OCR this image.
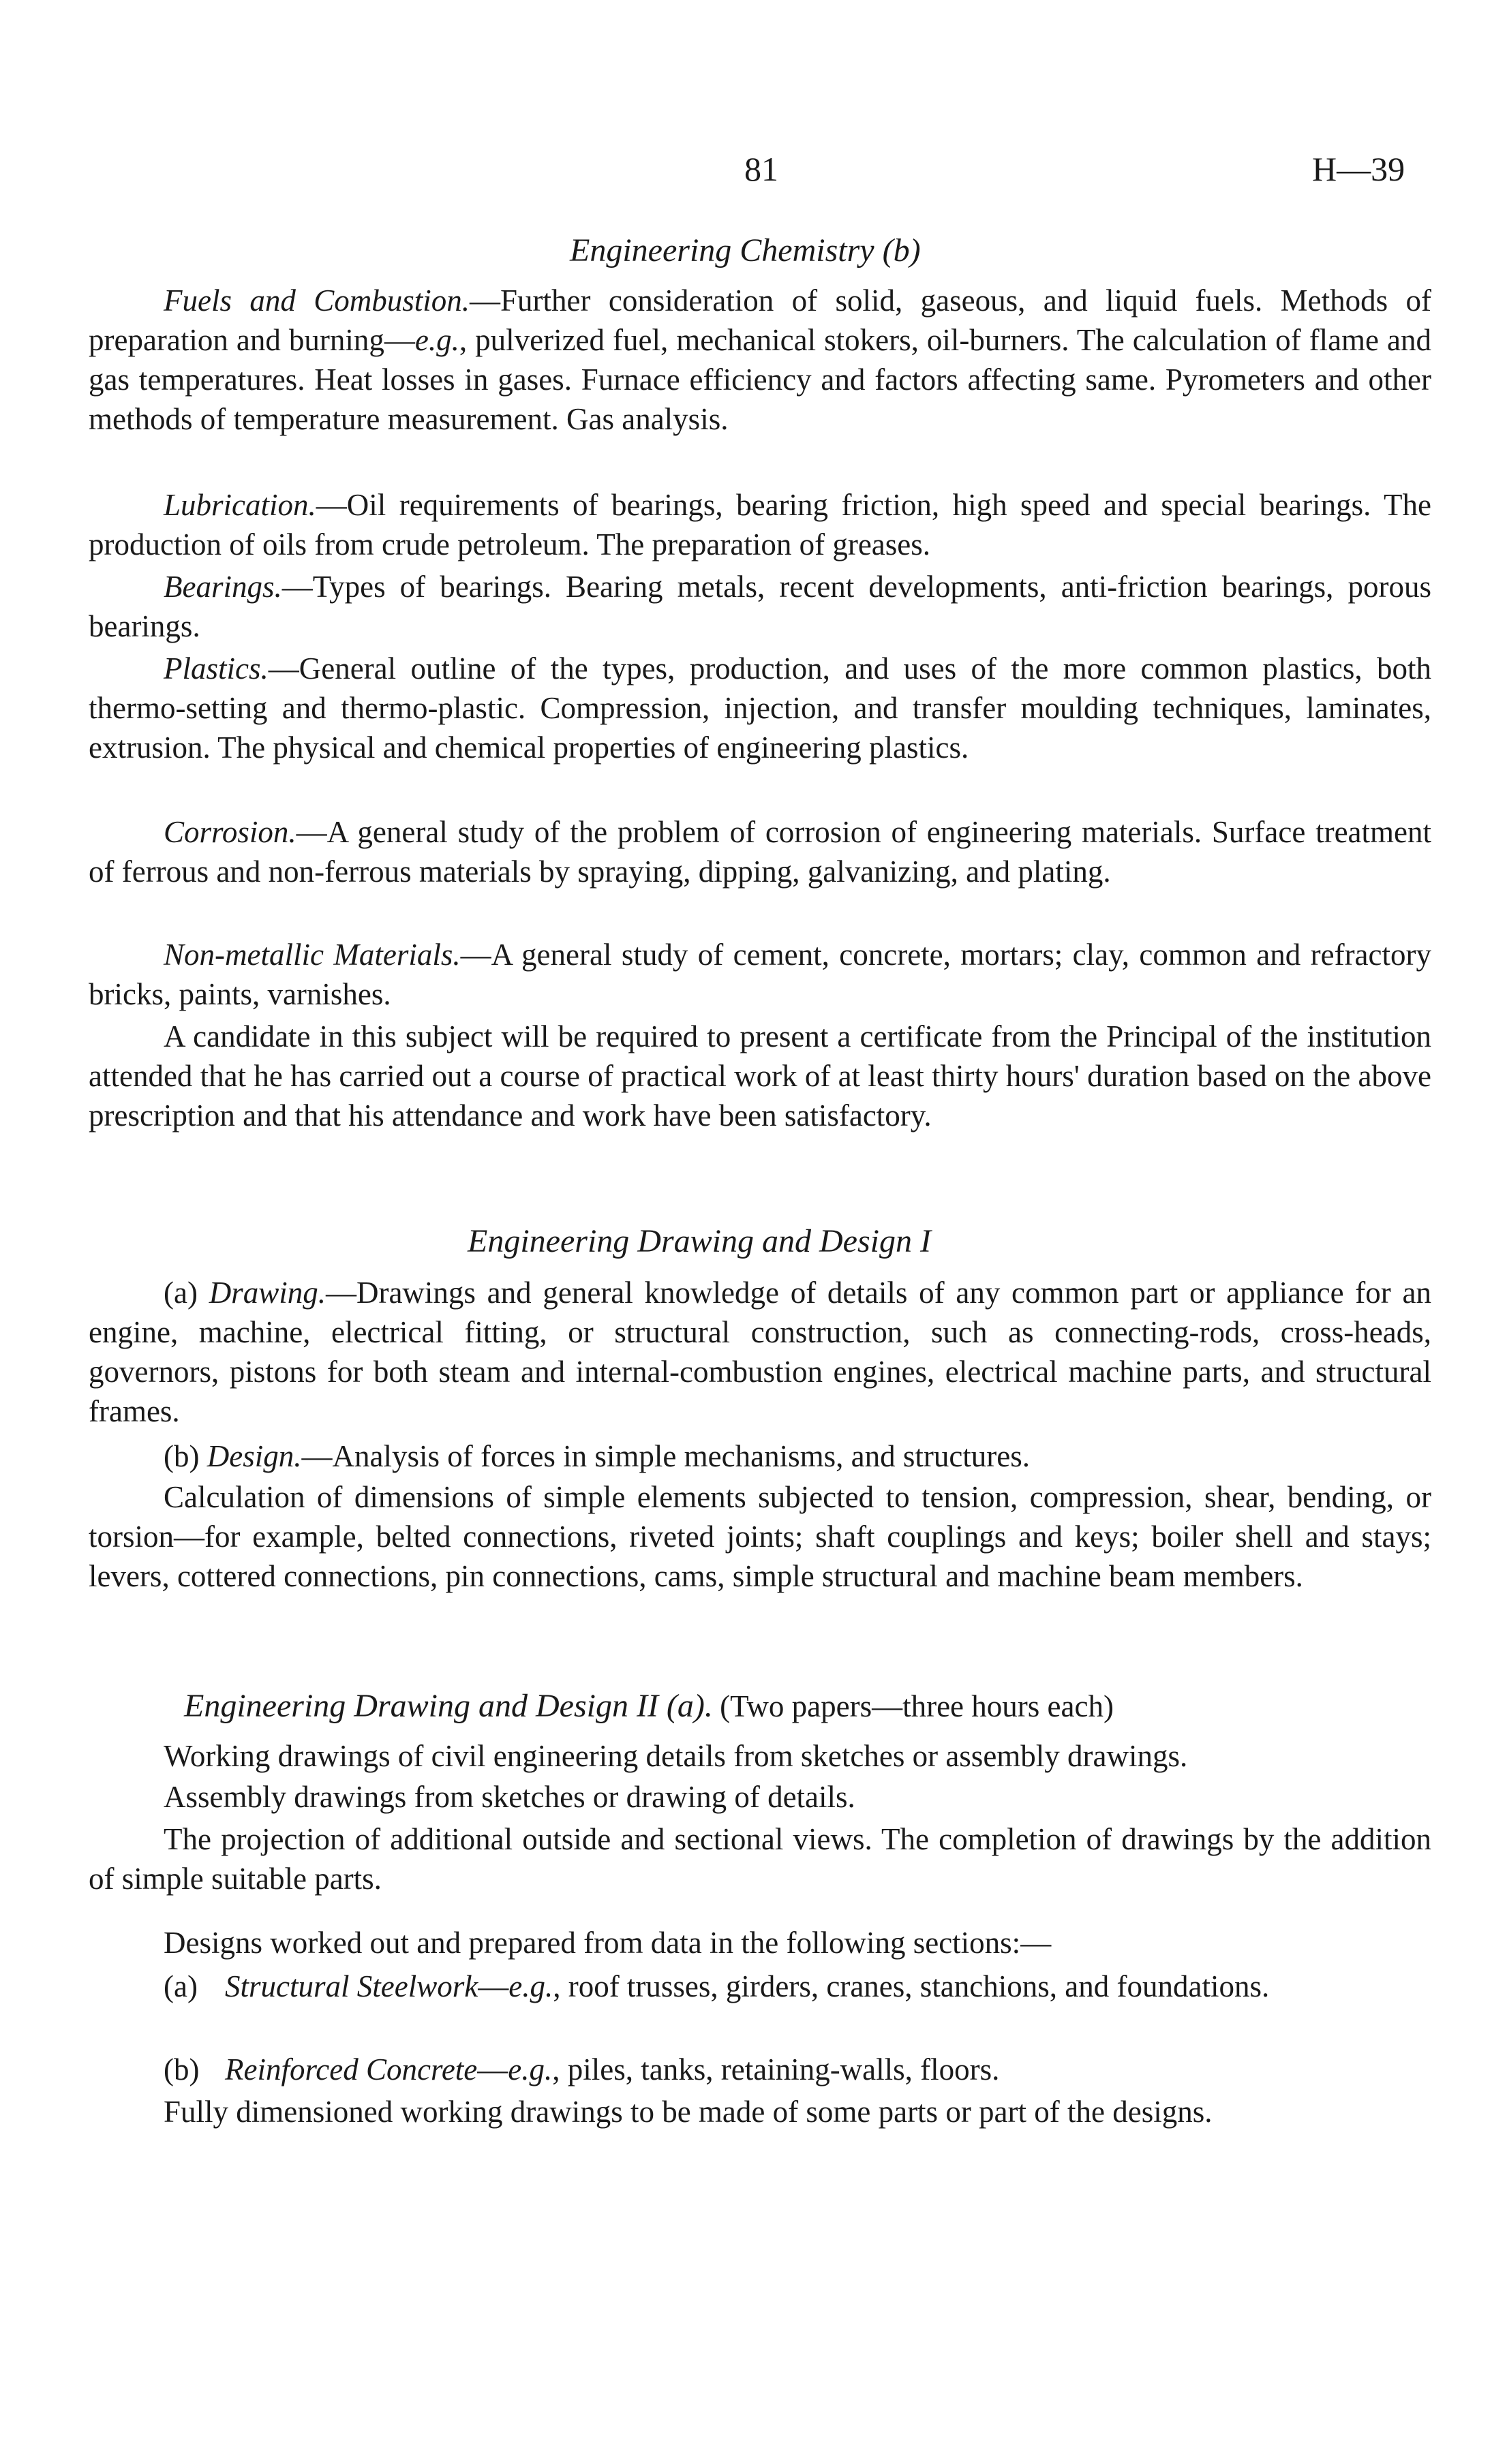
81	H—39
Engineering Chemistry (b)
Fuels and Combustion.—Further consideration of solid, gaseous, and liquid fuels. Methods of preparation and burning—e.g., pulverized fuel, mechanical stokers, oil-burners. The calculation of flame and gas temperatures. Heat losses in gases. Furnace efficiency and factors affecting same. Pyrometers and other methods of temperature measurement. Gas analysis.
Lubrication.—Oil requirements of bearings, bearing friction, high speed and special bearings. The production of oils from crude petroleum. The preparation of greases.
Bearings.—Types of bearings. Bearing metals, recent developments, anti-friction bearings, porous bearings.
Plastics.—General outline of the types, production, and uses of the more common plastics, both thermo-setting and thermo-plastic. Compression, injection, and transfer moulding techniques, laminates, extrusion. The physical and chemical properties of engineering plastics.
Corrosion.—A general study of the problem of corrosion of engineering materials. Surface treatment of ferrous and non-ferrous materials by spraying, dipping, galvanizing, and plating.
Non-metallic Materials.—A general study of cement, concrete, mortars; clay, common and refractory bricks, paints, varnishes.
A candidate in this subject will be required to present a certificate from the Principal of the institution attended that he has carried out a course of practical work of at least thirty hours' duration based on the above prescription and that his attendance and work have been satisfactory.
Engineering Drawing and Design I
(a) Drawing.—Drawings and general knowledge of details of any common part or appliance for an engine, machine, electrical fitting, or structural construction, such as connecting-rods, cross-heads, governors, pistons for both steam and internal-combustion engines, electrical machine parts, and structural frames.
(b) Design.—Analysis of forces in simple mechanisms, and structures.
Calculation of dimensions of simple elements subjected to tension, compression, shear, bending, or torsion—for example, belted connections, riveted joints; shaft couplings and keys; boiler shell and stays; levers, cottered connections, pin connections, cams, simple structural and machine beam members.
Engineering Drawing and Design II (a). (Two papers—three hours each)
Working drawings of civil engineering details from sketches or assembly drawings.
Assembly drawings from sketches or drawing of details.
The projection of additional outside and sectional views. The completion of drawings by the addition of simple suitable parts.
Designs worked out and prepared from data in the following sections:—
(a) Structural Steelwork—e.g., roof trusses, girders, cranes, stanchions, and foundations.
(b) Reinforced Concrete—e.g., piles, tanks, retaining-walls, floors.
Fully dimensioned working drawings to be made of some parts or part of the designs.
